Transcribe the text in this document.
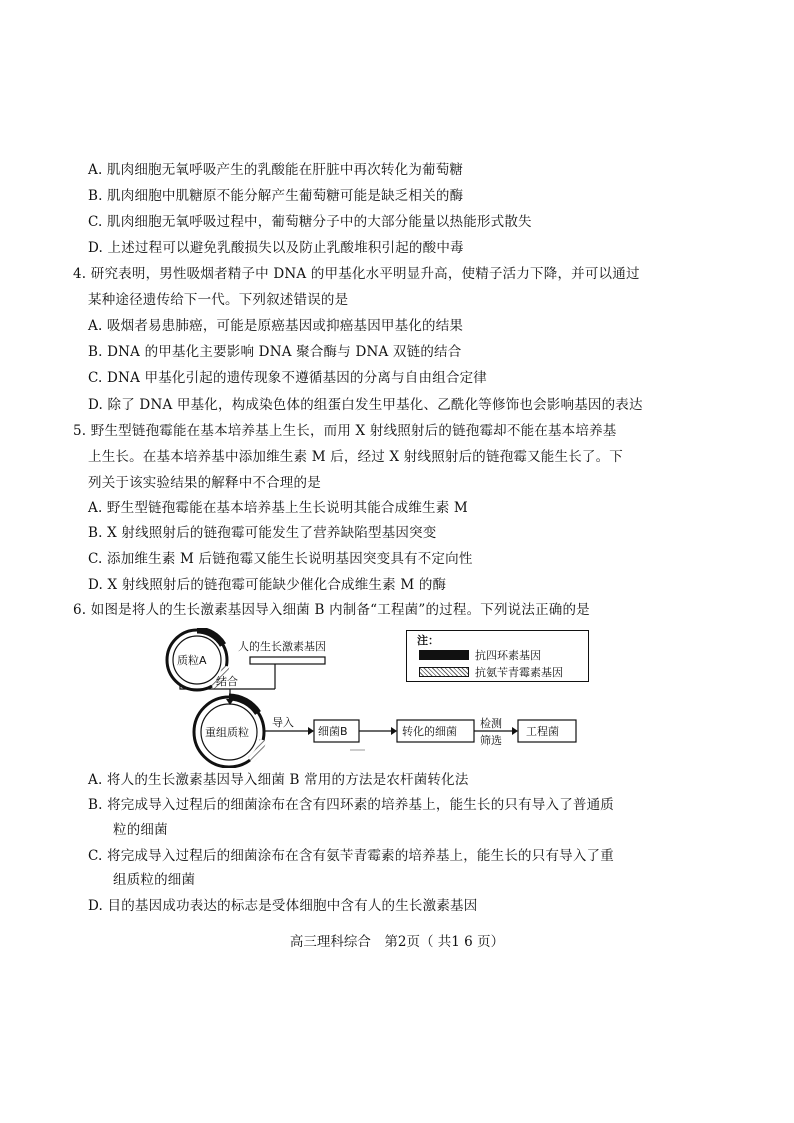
A. 肌肉细胞无氧呼吸产生的乳酸能在肝脏中再次转化为葡萄糖
B. 肌肉细胞中肌糖原不能分解产生葡萄糖可能是缺乏相关的酶
C. 肌肉细胞无氧呼吸过程中，葡萄糖分子中的大部分能量以热能形式散失
D. 上述过程可以避免乳酸损失以及防止乳酸堆积引起的酸中毒
4. 研究表明，男性吸烟者精子中 DNA 的甲基化水平明显升高，使精子活力下降，并可以通过
某种途径遗传给下一代。下列叙述错误的是
A. 吸烟者易患肺癌，可能是原癌基因或抑癌基因甲基化的结果
B. DNA 的甲基化主要影响 DNA 聚合酶与 DNA 双链的结合
C. DNA 甲基化引起的遗传现象不遵循基因的分离与自由组合定律
D. 除了 DNA 甲基化，构成染色体的组蛋白发生甲基化、乙酰化等修饰也会影响基因的表达
5. 野生型链孢霉能在基本培养基上生长，而用 X 射线照射后的链孢霉却不能在基本培养基
上生长。在基本培养基中添加维生素 M 后，经过 X 射线照射后的链孢霉又能生长了。下
列关于该实验结果的解释中不合理的是
A. 野生型链孢霉能在基本培养基上生长说明其能合成维生素 M
B. X 射线照射后的链孢霉可能发生了营养缺陷型基因突变
C. 添加维生素 M 后链孢霉又能生长说明基因突变具有不定向性
D. X 射线照射后的链孢霉可能缺少催化合成维生素 M 的酶
6. 如图是将人的生长激素基因导入细菌 B 内制备“工程菌”的过程。下列说法正确的是
质粒A
人的生长激素基因
结合
重组质粒
导入
细菌B	转化的细菌
检测
筛选
工程菌
注：
抗四环素基因
抗氨苄青霉素基因
A. 将人的生长激素基因导入细菌 B 常用的方法是农杆菌转化法
B. 将完成导入过程后的细菌涂布在含有四环素的培养基上，能生长的只有导入了普通质
粒的细菌
C. 将完成导入过程后的细菌涂布在含有氨苄青霉素的培养基上，能生长的只有导入了重
组质粒的细菌
D. 目的基因成功表达的标志是受体细胞中含有人的生长激素基因
高三理科综合　第2页（ 共1 6 页）
